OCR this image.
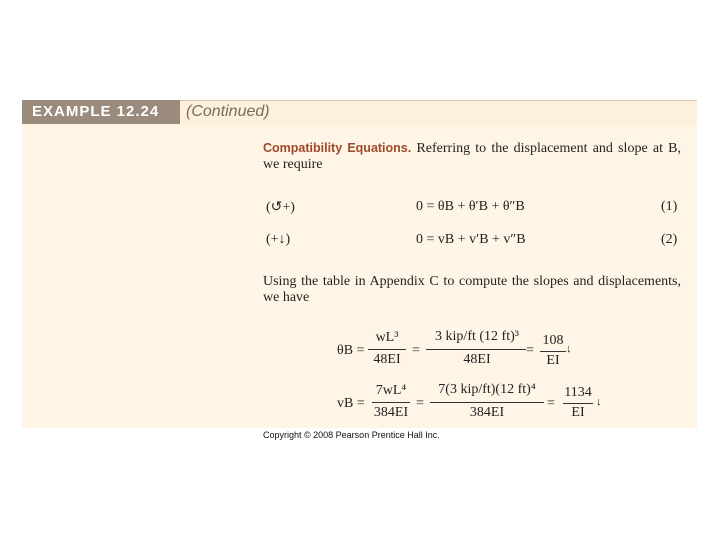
EXAMPLE 12.24	(Continued)
Compatibility Equations. Referring to the displacement and slope at B, we require
(↺+)	0 = θB + θ′B + θ″B	(1)
(+↓)	0 = vB + v′B + v″B	(2)
Using the table in Appendix C to compute the slopes and displacements, we have
θB =
wL³
48EI
=
3 kip/ft (12 ft)³
48EI
=
108
EI
↓
vB =
7wL⁴
384EI
=
7(3 kip/ft)(12 ft)⁴
384EI
=
1134
EI
↓
Copyright © 2008 Pearson Prentice Hall Inc.
